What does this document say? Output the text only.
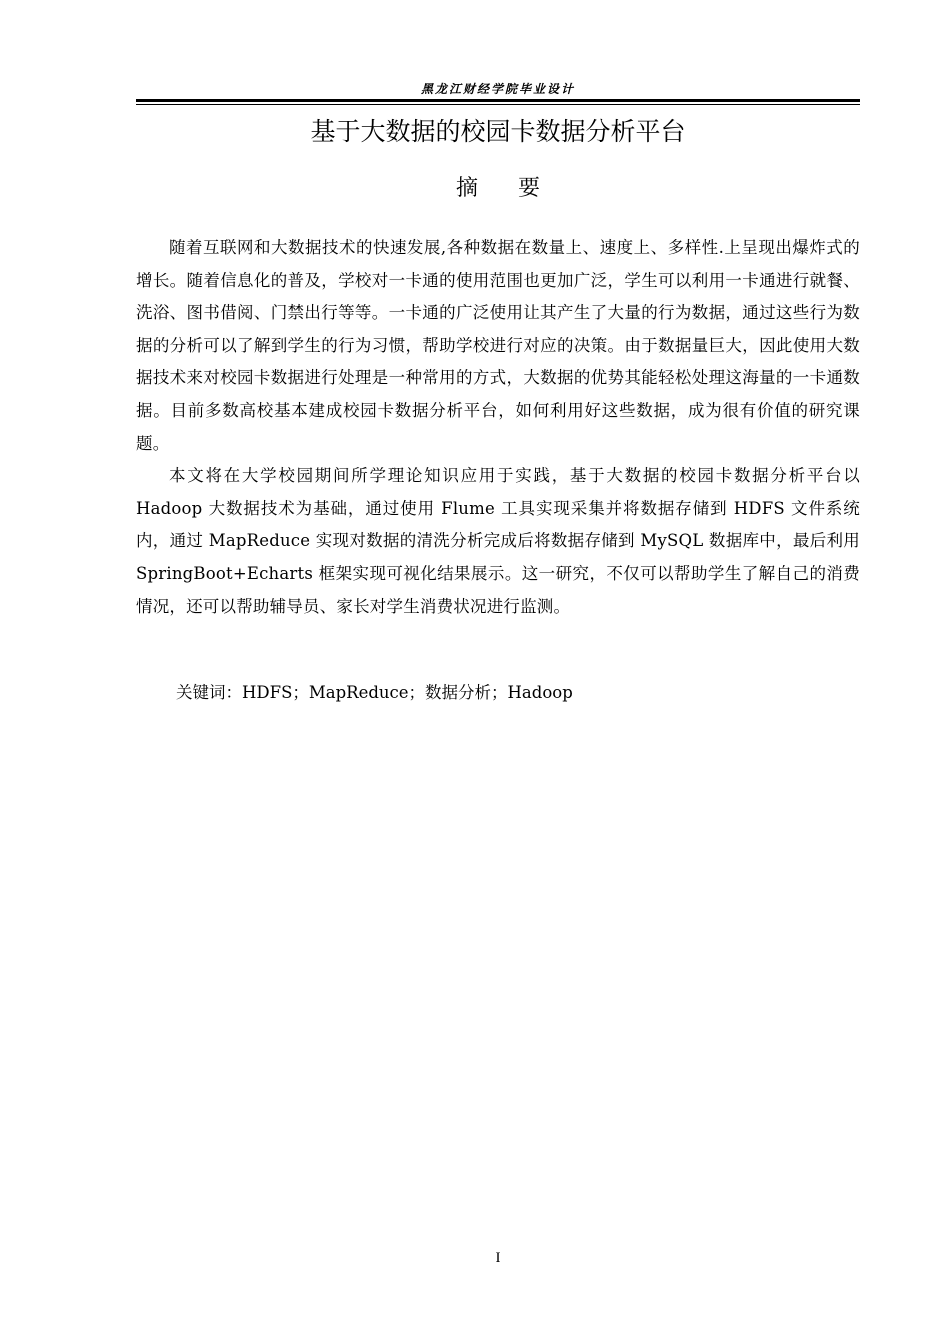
黑龙江财经学院毕业设计
基于大数据的校园卡数据分析平台
摘要

随着互联网和大数据技术的快速发展,各种数据在数量上、速度上、多样性.上呈现出爆炸式的增长。随着信息化的普及，学校对一卡通的使用范围也更加广泛，学生可以利用一卡通进行就餐、洗浴、图书借阅、门禁出行等等。一卡通的广泛使用让其产生了大量的行为数据，通过这些行为数据的分析可以了解到学生的行为习惯，帮助学校进行对应的决策。由于数据量巨大，因此使用大数据技术来对校园卡数据进行处理是一种常用的方式，大数据的优势其能轻松处理这海量的一卡通数据。目前多数高校基本建成校园卡数据分析平台，如何利用好这些数据，成为很有价值的研究课题。

本文将在大学校园期间所学理论知识应用于实践，基于大数据的校园卡数据分析平台以 Hadoop 大数据技术为基础，通过使用 Flume 工具实现采集并将数据存储到 HDFS 文件系统内，通过 MapReduce 实现对数据的清洗分析完成后将数据存储到 MySQL 数据库中，最后利用 SpringBoot+Echarts 框架实现可视化结果展示。这一研究，不仅可以帮助学生了解自己的消费情况，还可以帮助辅导员、家长对学生消费状况进行监测。

关键词：HDFS；MapReduce；数据分析；Hadoop
I
